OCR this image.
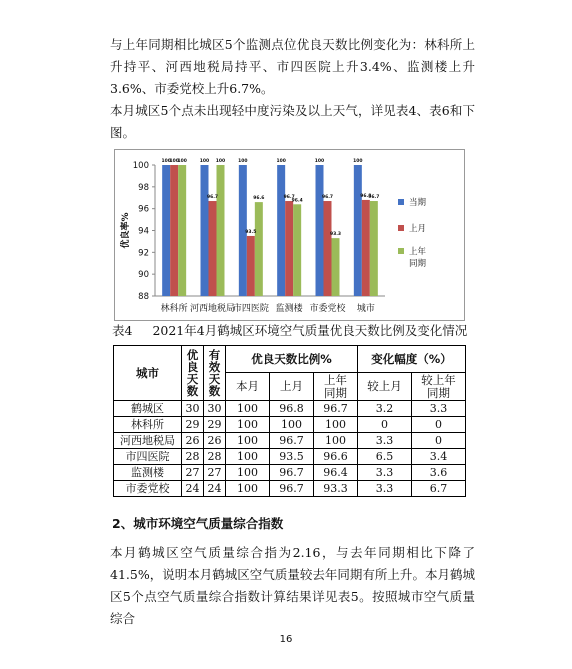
与上年同期相比城区5个监测点位优良天数比例变化为：林科所上升持平、河西地税局持平、市四医院上升3.4%、监测楼上升3.6%、市委党校上升6.7%。

本月城区5个点未出现轻中度污染及以上天气，详见表4、表6和下图。

88
90
92
94
96
98
100
优良率%
林科所 河西地税局
市四医院 监测楼 市委党校 城市
100
100
100	100
96.7
100	100
93.5
96.6
100
96.7
96.4
100
96.7
93.3
100
96.8
96.7
当期
上月
上年同期

表4 2021年4月鹤城区环境空气质量优良天数比例及变化情况

城市	优良天数	有效天数	优良天数比例%			变化幅度（%）	
			本月	上月	上年同期	较上月	较上年同期

鹤城区	30	30	100	96.8	96.7	3.2	3.3
林科所	29	29	100	100	100	0	0
河西地税局	26	26	100	96.7	100	3.3	0
市四医院	28	28	100	93.5	96.6	6.5	3.4
监测楼	27	27	100	96.7	96.4	3.3	3.6
市委党校	24	24	100	96.7	93.3	3.3	6.7

2、城市环境空气质量综合指数

本月鹤城区空气质量综合指为2.16，与去年同期相比下降了41.5%，说明本月鹤城区空气质量较去年同期有所上升。本月鹤城区5个点空气质量综合指数计算结果详见表5。按照城市空气质量综合

16
